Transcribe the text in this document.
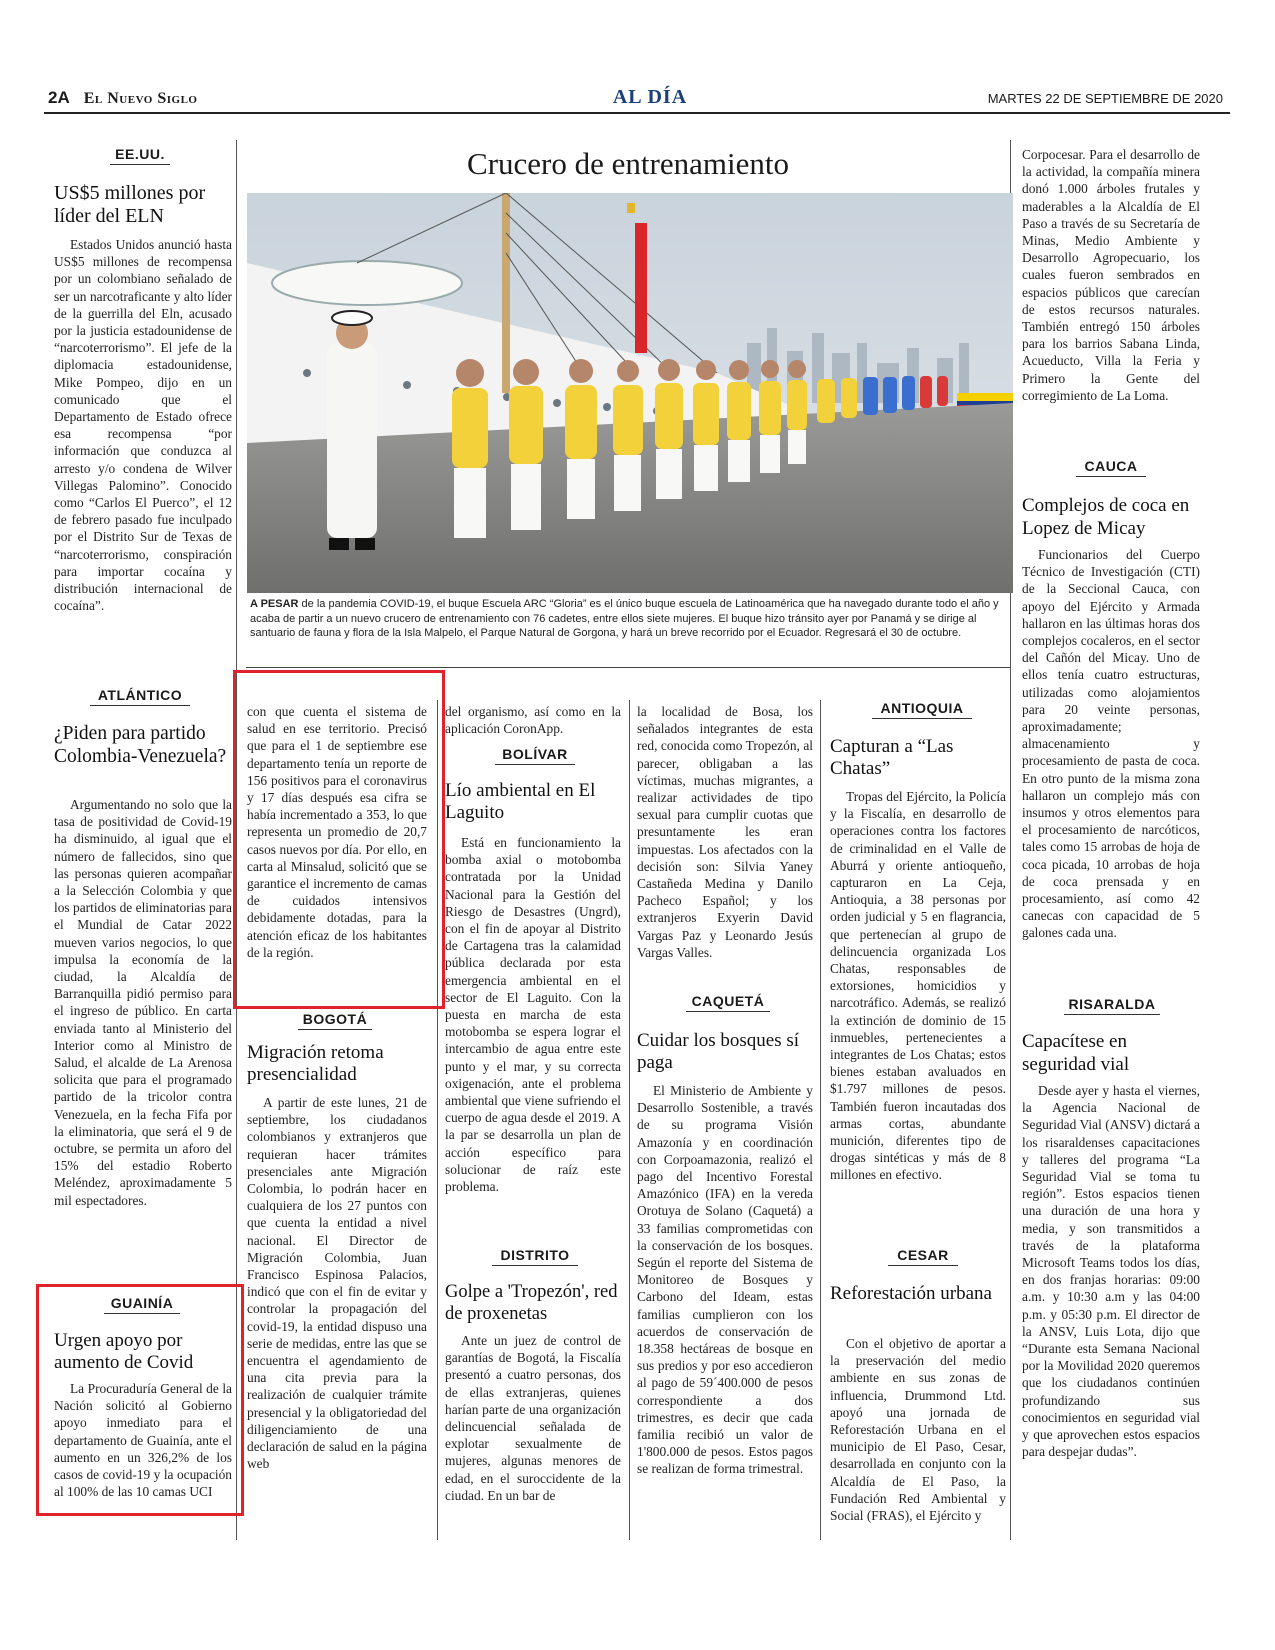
2A El Nuevo Siglo	AL DÍA	MARTES 22 DE SEPTIEMBRE DE 2020
EE.UU.
US$5 millones por líder del ELN

Estados Unidos anunció hasta US$5 millones de recompensa por un colombiano señalado de ser un narcotraficante y alto líder de la guerrilla del Eln, acusado por la justicia estadounidense de “narcoterrorismo”. El jefe de la diplomacia estadounidense, Mike Pompeo, dijo en un comunicado que el Departamento de Estado ofrece esa recompensa “por información que conduzca al arresto y/o condena de Wilver Villegas Palomino”. Conocido como “Carlos El Puerco”, el 12 de febrero pasado fue inculpado por el Distrito Sur de Texas de “narcoterrorismo, conspiración para importar cocaína y distribución internacional de cocaína”.

ATLÁNTICO
¿Piden para partido Colombia-Venezuela?

Argumentando no solo que la tasa de positividad de Covid-19 ha disminuido, al igual que el número de fallecidos, sino que las personas quieren acompañar a la Selección Colombia y que los partidos de eliminatorias para el Mundial de Catar 2022 mueven varios negocios, lo que impulsa la economía de la ciudad, la Alcaldía de Barranquilla pidió permiso para el ingreso de público. En carta enviada tanto al Ministerio del Interior como al Ministro de Salud, el alcalde de La Arenosa solicita que para el programado partido de la tricolor contra Venezuela, en la fecha Fifa por la eliminatoria, que será el 9 de octubre, se permita un aforo del 15% del estadio Roberto Meléndez, aproximadamente 5 mil espectadores.

GUAINÍA
Urgen apoyo por aumento de Covid

La Procuraduría General de la Nación solicitó al Gobierno apoyo inmediato para el departamento de Guainía, ante el aumento en un 326,2% de los casos de covid-19 y la ocupación al 100% de las 10 camas UCI

Crucero de entrenamiento
A PESAR de la pandemia COVID-19, el buque Escuela ARC “Gloria” es el único buque escuela de Latinoamérica que ha navegado durante todo el año y acaba de partir a un nuevo crucero de entrenamiento con 76 cadetes, entre ellos siete mujeres. El buque hizo tránsito ayer por Panamá y se dirige al santuario de fauna y flora de la Isla Malpelo, el Parque Natural de Gorgona, y hará un breve recorrido por el Ecuador. Regresará el 30 de octubre.

con que cuenta el sistema de salud en ese territorio. Precisó que para el 1 de septiembre ese departamento tenía un reporte de 156 positivos para el coronavirus y 17 días después esa cifra se había incrementado a 353, lo que representa un promedio de 20,7 casos nuevos por día. Por ello, en carta al Minsalud, solicitó que se garantice el incremento de camas de cuidados intensivos debidamente dotadas, para la atención eficaz de los habitantes de la región.

BOGOTÁ
Migración retoma presencialidad

A partir de este lunes, 21 de septiembre, los ciudadanos colombianos y extranjeros que requieran hacer trámites presenciales ante Migración Colombia, lo podrán hacer en cualquiera de los 27 puntos con que cuenta la entidad a nivel nacional. El Director de Migración Colombia, Juan Francisco Espinosa Palacios, indicó que con el fin de evitar y controlar la propagación del covid-19, la entidad dispuso una serie de medidas, entre las que se encuentra el agendamiento de una cita previa para la realización de cualquier trámite presencial y la obligatoriedad del diligenciamiento de una declaración de salud en la página web

del organismo, así como en la aplicación CoronApp.

BOLÍVAR
Lío ambiental en El Laguito

Está en funcionamiento la bomba axial o motobomba contratada por la Unidad Nacional para la Gestión del Riesgo de Desastres (Ungrd), con el fin de apoyar al Distrito de Cartagena tras la calamidad pública declarada por esta emergencia ambiental en el sector de El Laguito. Con la puesta en marcha de esta motobomba se espera lograr el intercambio de agua entre este punto y el mar, y su correcta oxigenación, ante el problema ambiental que viene sufriendo el cuerpo de agua desde el 2019. A la par se desarrolla un plan de acción específico para solucionar de raíz este problema.

DISTRITO
Golpe a 'Tropezón', red de proxenetas

Ante un juez de control de garantías de Bogotá, la Fiscalía presentó a cuatro personas, dos de ellas extranjeras, quienes harían parte de una organización delincuencial señalada de explotar sexualmente de mujeres, algunas menores de edad, en el suroccidente de la ciudad. En un bar de

la localidad de Bosa, los señalados integrantes de esta red, conocida como Tropezón, al parecer, obligaban a las víctimas, muchas migrantes, a realizar actividades de tipo sexual para cumplir cuotas que presuntamente les eran impuestas. Los afectados con la decisión son: Silvia Yaney Castañeda Medina y Danilo Pacheco Español; y los extranjeros Exyerin David Vargas Paz y Leonardo Jesús Vargas Valles.

CAQUETÁ
Cuidar los bosques sí paga

El Ministerio de Ambiente y Desarrollo Sostenible, a través de su programa Visión Amazonía y en coordinación con Corpoamazonia, realizó el pago del Incentivo Forestal Amazónico (IFA) en la vereda Orotuya de Solano (Caquetá) a 33 familias comprometidas con la conservación de los bosques. Según el reporte del Sistema de Monitoreo de Bosques y Carbono del Ideam, estas familias cumplieron con los acuerdos de conservación de 18.358 hectáreas de bosque en sus predios y por eso accedieron al pago de 59´400.000 de pesos correspondiente a dos trimestres, es decir que cada familia recibió un valor de 1'800.000 de pesos. Estos pagos se realizan de forma trimestral.

ANTIOQUIA
Capturan a “Las Chatas”

Tropas del Ejército, la Policía y la Fiscalía, en desarrollo de operaciones contra los factores de criminalidad en el Valle de Aburrá y oriente antioqueño, capturaron en La Ceja, Antioquia, a 38 personas por orden judicial y 5 en flagrancia, que pertenecían al grupo de delincuencia organizada Los Chatas, responsables de extorsiones, homicidios y narcotráfico. Además, se realizó la extinción de dominio de 15 inmuebles, pertenecientes a integrantes de Los Chatas; estos bienes estaban avaluados en $1.797 millones de pesos. También fueron incautadas dos armas cortas, abundante munición, diferentes tipo de drogas sintéticas y más de 8 millones en efectivo.

CESAR
Reforestación urbana

Con el objetivo de aportar a la preservación del medio ambiente en sus zonas de influencia, Drummond Ltd. apoyó una jornada de Reforestación Urbana en el municipio de El Paso, Cesar, desarrollada en conjunto con la Alcaldía de El Paso, la Fundación Red Ambiental y Social (FRAS), el Ejército y

Corpocesar. Para el desarrollo de la actividad, la compañía minera donó 1.000 árboles frutales y maderables a la Alcaldía de El Paso a través de su Secretaría de Minas, Medio Ambiente y Desarrollo Agropecuario, los cuales fueron sembrados en espacios públicos que carecían de estos recursos naturales. También entregó 150 árboles para los barrios Sabana Linda, Acueducto, Villa la Feria y Primero la Gente del corregimiento de La Loma.

CAUCA
Complejos de coca en Lopez de Micay

Funcionarios del Cuerpo Técnico de Investigación (CTI) de la Seccional Cauca, con apoyo del Ejército y Armada hallaron en las últimas horas dos complejos cocaleros, en el sector del Cañón del Micay. Uno de ellos tenía cuatro estructuras, utilizadas como alojamientos para 20 veinte personas, aproximadamente; almacenamiento y procesamiento de pasta de coca. En otro punto de la misma zona hallaron un complejo más con insumos y otros elementos para el procesamiento de narcóticos, tales como 15 arrobas de hoja de coca picada, 10 arrobas de hoja de coca prensada y en procesamiento, así como 42 canecas con capacidad de 5 galones cada una.

RISARALDA
Capacítese en seguridad vial

Desde ayer y hasta el viernes, la Agencia Nacional de Seguridad Vial (ANSV) dictará a los risaraldenses capacitaciones y talleres del programa “La Seguridad Vial se toma tu región”. Estos espacios tienen una duración de una hora y media, y son transmitidos a través de la plataforma Microsoft Teams todos los días, en dos franjas horarias: 09:00 a.m. y 10:30 a.m y las 04:00 p.m. y 05:30 p.m. El director de la ANSV, Luis Lota, dijo que “Durante esta Semana Nacional por la Movilidad 2020 queremos que los ciudadanos continúen profundizando sus conocimientos en seguridad vial y que aprovechen estos espacios para despejar dudas”.
